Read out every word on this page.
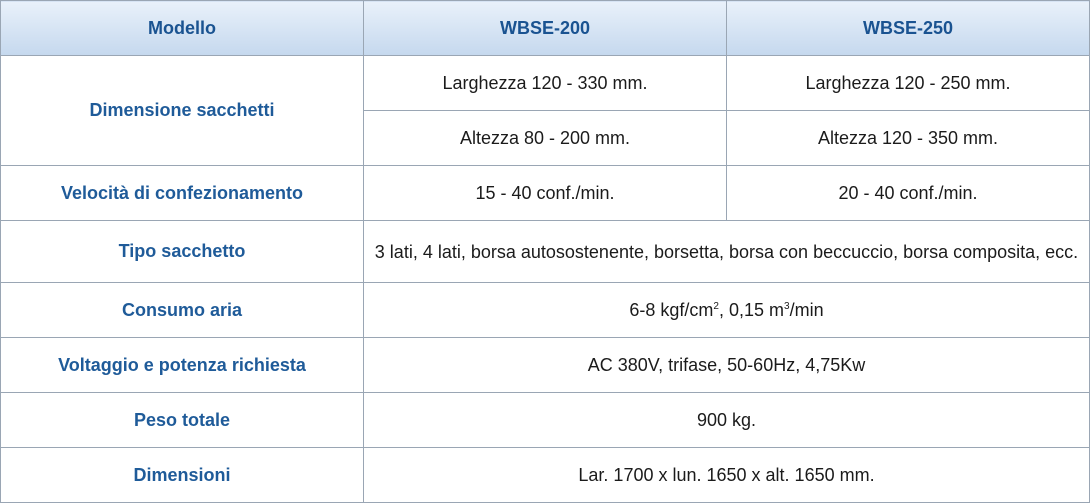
Modello	WBSE-200	WBSE-250
Dimensione sacchetti	Larghezza 120 - 330 mm.	Larghezza 120 - 250 mm.
	Altezza 80 - 200 mm.	Altezza 120 - 350 mm.
Velocità di confezionamento	15 - 40 conf./min.	20 - 40 conf./min.
Tipo sacchetto	3 lati, 4 lati, borsa autosostenente, borsetta, borsa con beccuccio, borsa composita, ecc.	
Consumo aria	6-8 kgf/$cm^2$, 0,15 $m^3/\min$	
Voltaggio e potenza richiesta	AC 380V, trifase, 50-60Hz, 4,75Kw	
Peso totale	900 kg.	
Dimensioni	Lar. 1700 x lun. 1650 x alt. 1650 mm.	
